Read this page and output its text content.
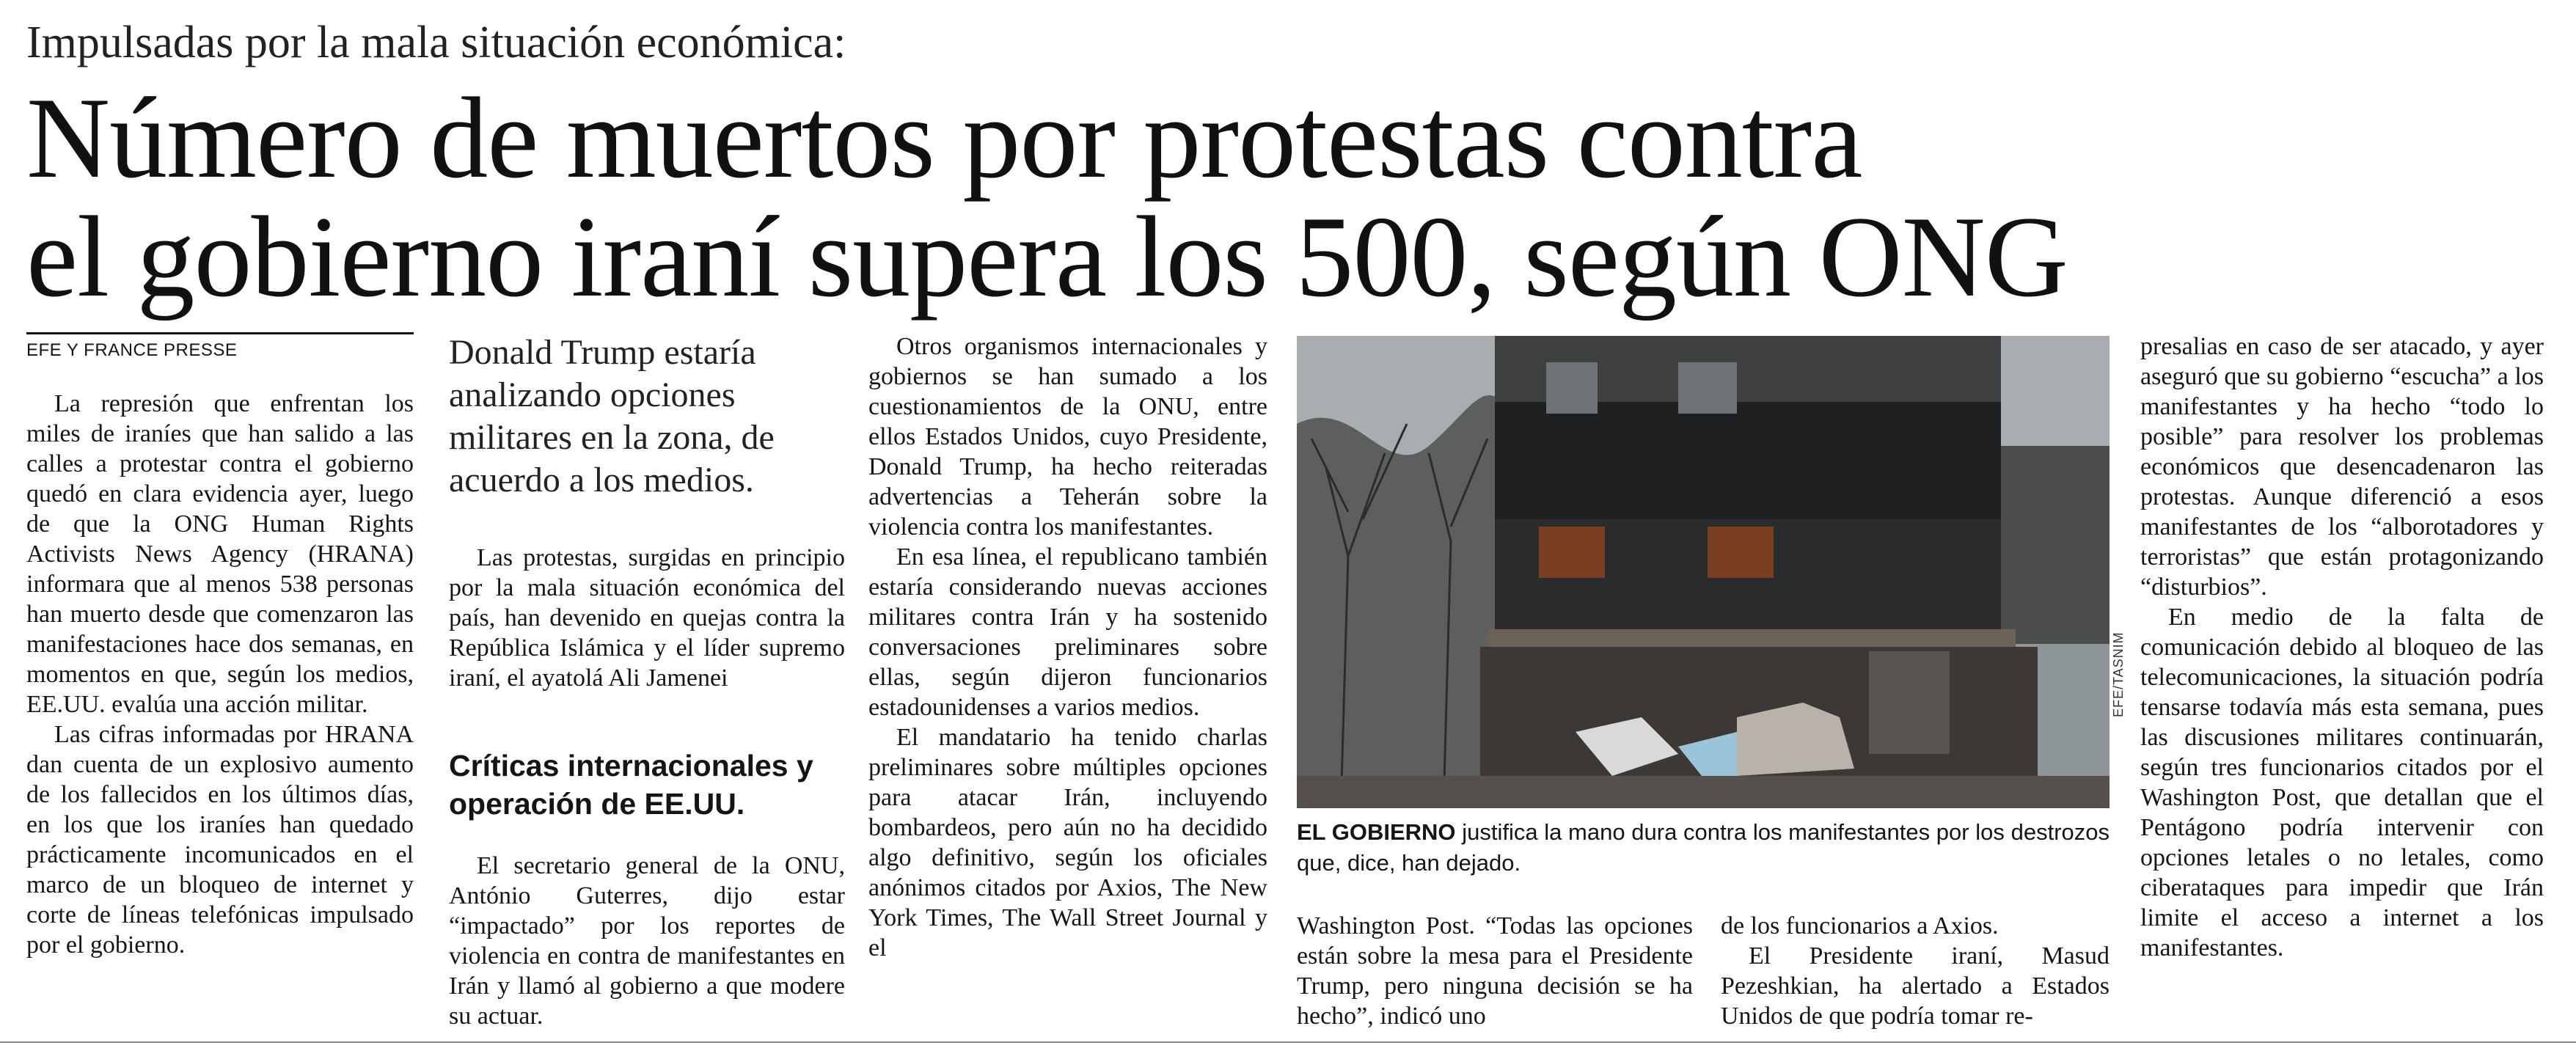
Impulsadas por la mala situación económica:
Número de muertos por protestas contra
el gobierno iraní supera los 500, según ONG
EFE Y FRANCE PRESSE

La represión que enfrentan los miles de iraníes que han salido a las calles a protestar contra el gobierno quedó en clara evidencia ayer, luego de que la ONG Human Rights Activists News Agency (HRANA) informara que al menos 538 personas han muerto desde que comenzaron las manifestaciones hace dos semanas, en momentos en que, según los medios, EE.UU. evalúa una acción militar.

Las cifras informadas por HRANA dan cuenta de un explosivo aumento de los fallecidos en los últimos días, en los que los iraníes han quedado prácticamente incomunicados en el marco de un bloqueo de internet y corte de líneas telefónicas impulsado por el gobierno.

Donald Trump estaría analizando opciones militares en la zona, de acuerdo a los medios.

Las protestas, surgidas en principio por la mala situación económica del país, han devenido en quejas contra la República Islámica y el líder supremo iraní, el ayatolá Ali Jamenei

Críticas internacionales y operación de EE.UU.

El secretario general de la ONU, António Guterres, dijo estar “impactado” por los reportes de violencia en contra de manifestantes en Irán y llamó al gobierno a que modere su actuar.

Otros organismos internacionales y gobiernos se han sumado a los cuestionamientos de la ONU, entre ellos Estados Unidos, cuyo Presidente, Donald Trump, ha hecho reiteradas advertencias a Teherán sobre la violencia contra los manifestantes.

En esa línea, el republicano también estaría considerando nuevas acciones militares contra Irán y ha sostenido conversaciones preliminares sobre ellas, según dijeron funcionarios estadounidenses a varios medios.

El mandatario ha tenido charlas preliminares sobre múltiples opciones para atacar Irán, incluyendo bombardeos, pero aún no ha decidido algo definitivo, según los oficiales anónimos citados por Axios, The New York Times, The Wall Street Journal y el

EFE/TASNIM
EL GOBIERNO justifica la mano dura contra los manifestantes por los destrozos que, dice, han dejado.

Washington Post. “Todas las opciones están sobre la mesa para el Presidente Trump, pero ninguna decisión se ha hecho”, indicó uno

de los funcionarios a Axios.

El Presidente iraní, Masud Pezeshkian, ha alertado a Estados Unidos de que podría tomar re-

presalias en caso de ser atacado, y ayer aseguró que su gobierno “escucha” a los manifestantes y ha hecho “todo lo posible” para resolver los problemas económicos que desencadenaron las protestas. Aunque diferenció a esos manifestantes de los “alborotadores y terroristas” que están protagonizando “disturbios”.

En medio de la falta de comunicación debido al bloqueo de las telecomunicaciones, la situación podría tensarse todavía más esta semana, pues las discusiones militares continuarán, según tres funcionarios citados por el Washington Post, que detallan que el Pentágono podría intervenir con opciones letales o no letales, como ciberataques para impedir que Irán limite el acceso a internet a los manifestantes.
